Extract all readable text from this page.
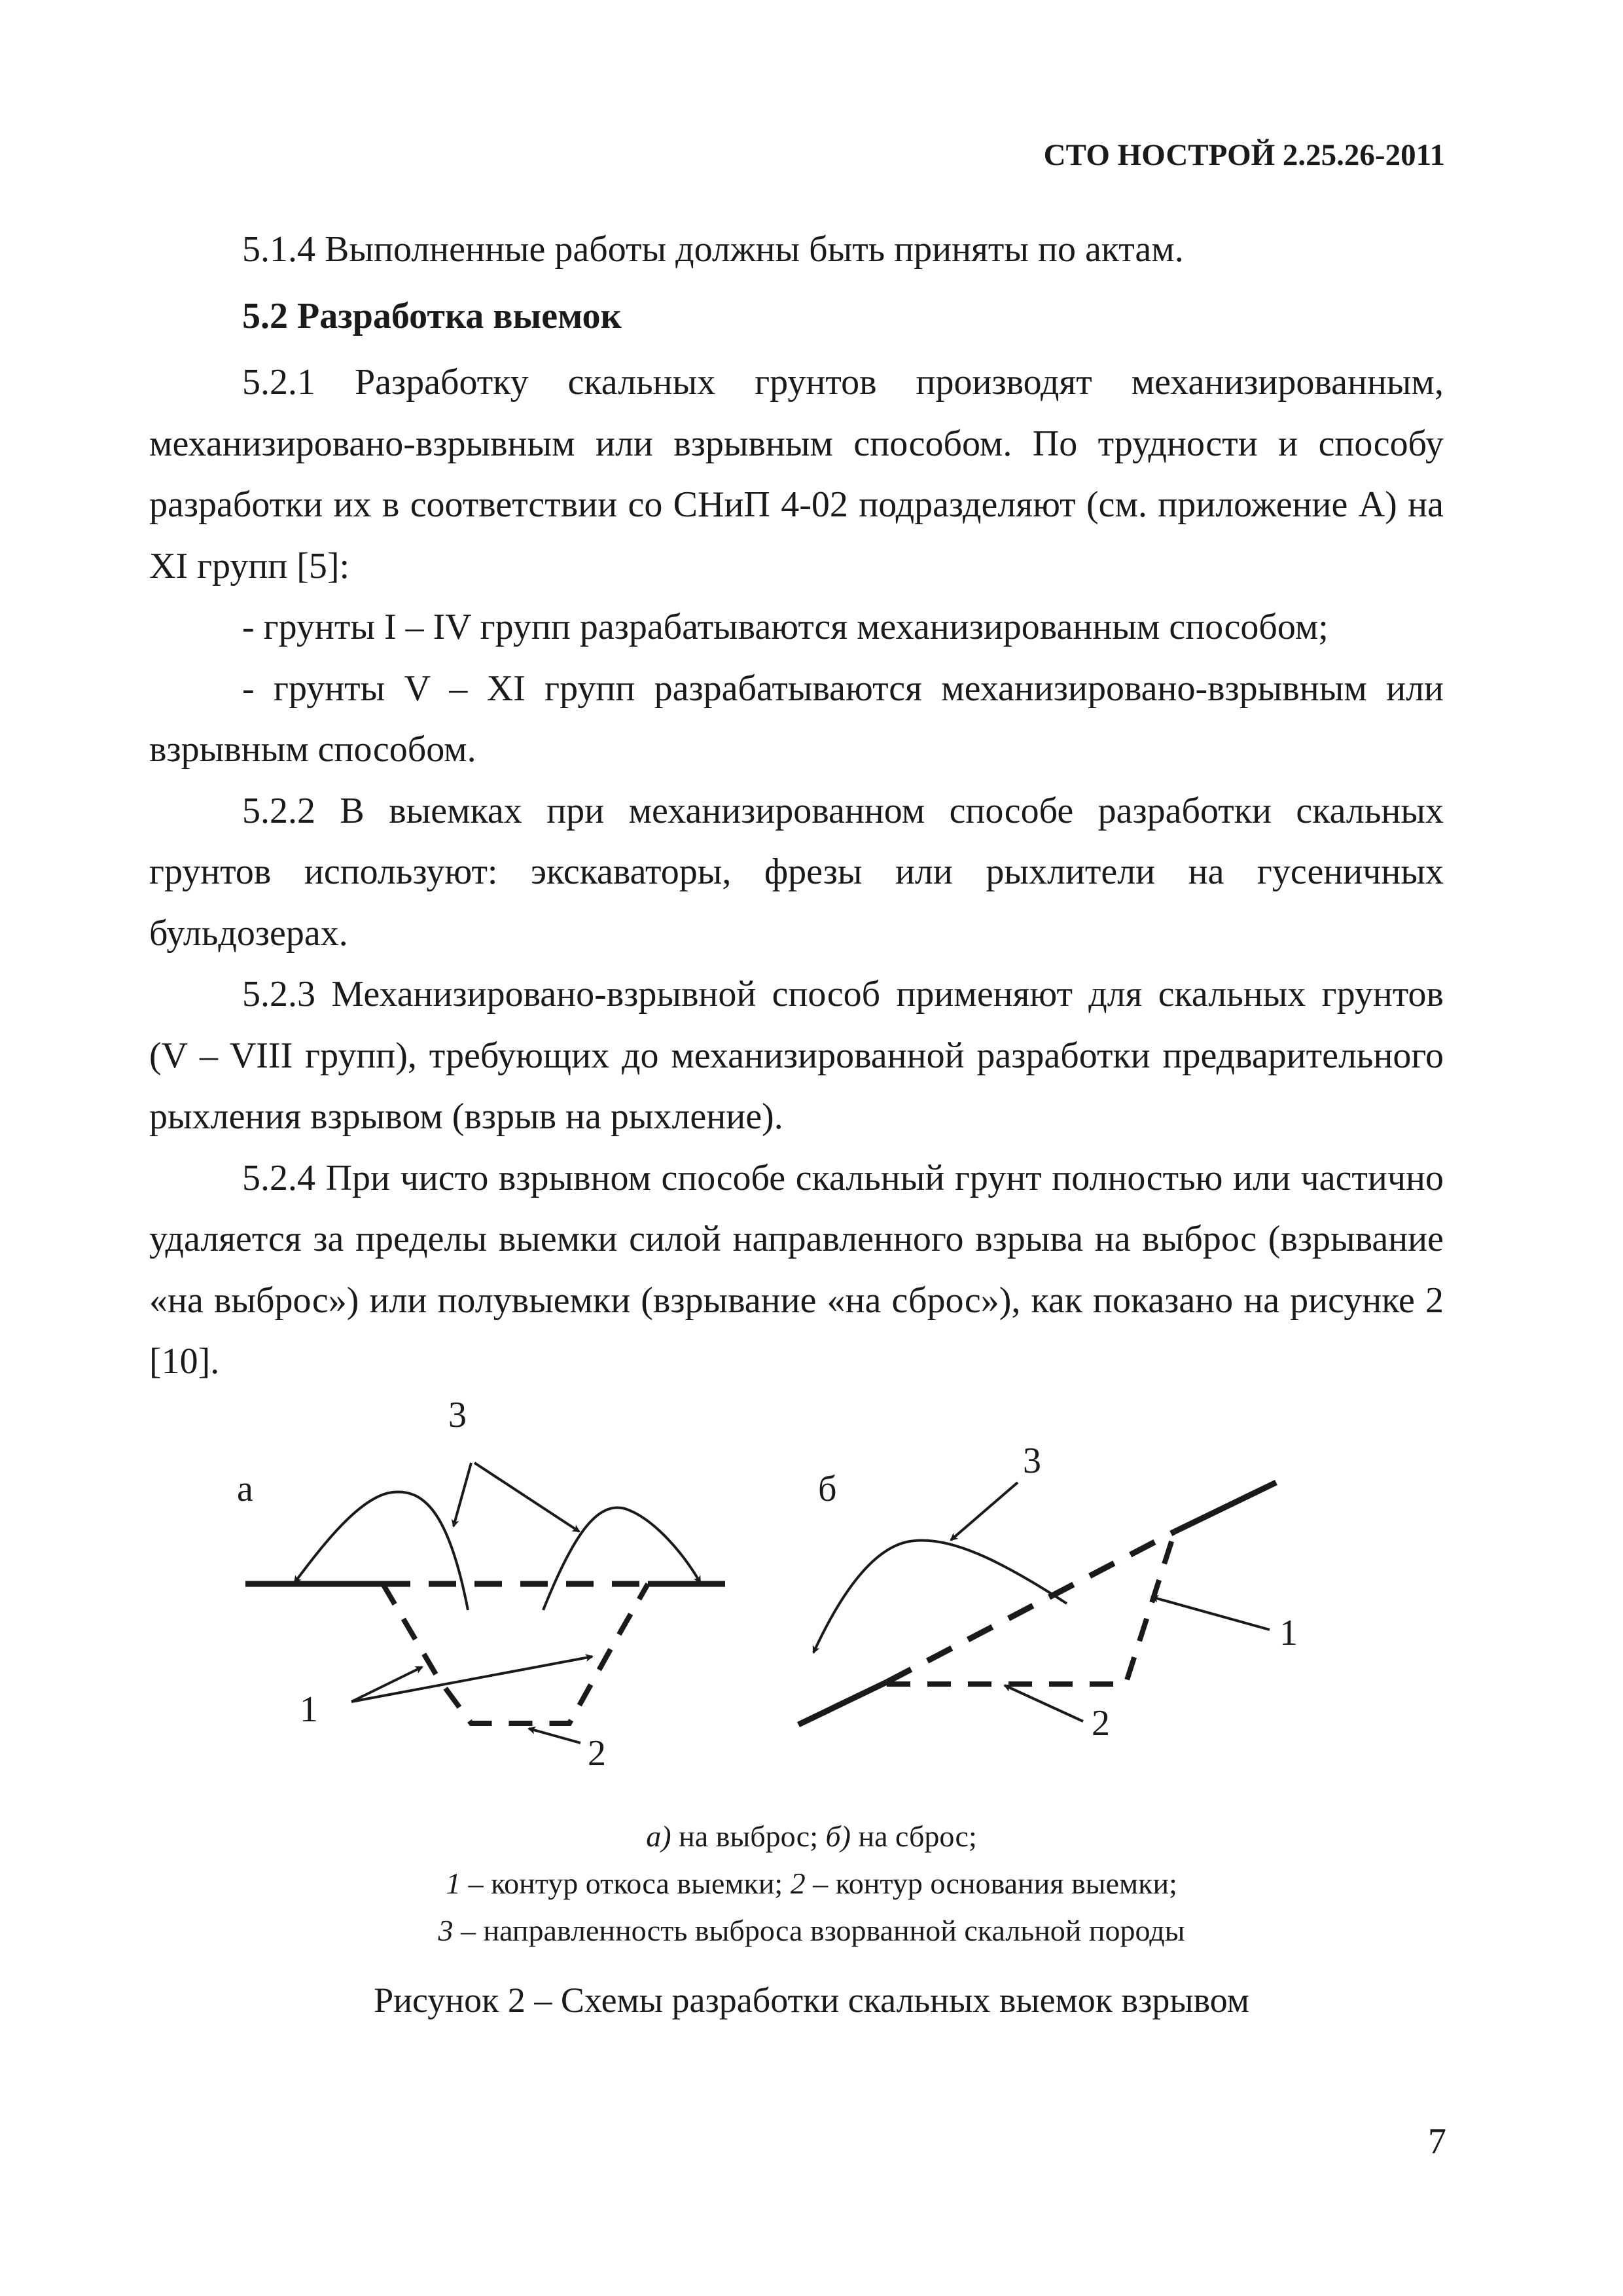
СТО НОСТРОЙ 2.25.26-2011

5.1.4 Выполненные работы должны быть приняты по актам.

5.2 Разработка выемок

5.2.1 Разработку скальных грунтов производят механизированным, механизировано-взрывным или взрывным способом. По трудности и способу разработки их в соответствии со СНиП 4-02 подразделяют (см. приложение А) на XI групп [5]:

- грунты I – IV групп разрабатываются механизированным способом;

- грунты V – XI групп разрабатываются механизировано-взрывным или взрывным способом.

5.2.2 В выемках при механизированном способе разработки скальных грунтов используют: экскаваторы, фрезы или рыхлители на гусеничных бульдозерах.

5.2.3 Механизировано-взрывной способ применяют для скальных грунтов (V – VIII групп), требующих до механизированной разработки предварительного рыхления взрывом (взрыв на рыхление).

5.2.4 При чисто взрывном способе скальный грунт полностью или частично удаляется за пределы выемки силой направленного взрыва на выброс (взрывание «на выброс») или полувыемки (взрывание «на сброс»), как показано на рисунке 2 [10].

а
3
1
2
б
3
1
2
а) на выброс; б) на сброс;
1 – контур откоса выемки; 2 – контур основания выемки;
3 – направленность выброса взорванной скальной породы
Рисунок 2 – Схемы разработки скальных выемок взрывом
7
